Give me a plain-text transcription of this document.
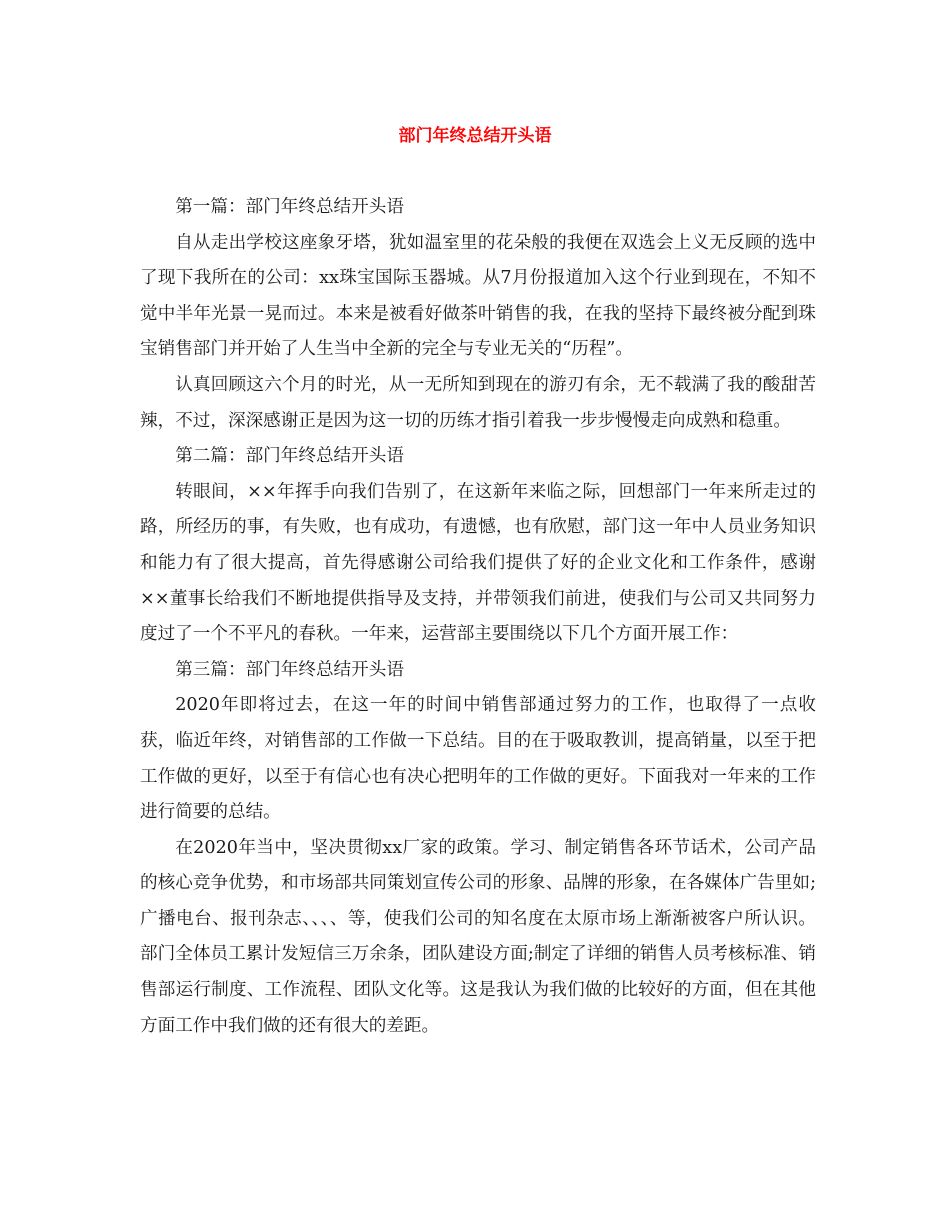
部门年终总结开头语

第一篇：部门年终总结开头语

自从走出学校这座象牙塔，犹如温室里的花朵般的我便在双选会上义无反顾的选中了现下我所在的公司：xx珠宝国际玉器城。从7月份报道加入这个行业到现在，不知不觉中半年光景一晃而过。本来是被看好做茶叶销售的我，在我的坚持下最终被分配到珠宝销售部门并开始了人生当中全新的完全与专业无关的“历程”。

认真回顾这六个月的时光，从一无所知到现在的游刃有余，无不载满了我的酸甜苦辣，不过，深深感谢正是因为这一切的历练才指引着我一步步慢慢走向成熟和稳重。

第二篇：部门年终总结开头语

转眼间，××年挥手向我们告别了，在这新年来临之际，回想部门一年来所走过的路，所经历的事，有失败，也有成功，有遗憾，也有欣慰，部门这一年中人员业务知识和能力有了很大提高，首先得感谢公司给我们提供了好的企业文化和工作条件，感谢××董事长给我们不断地提供指导及支持，并带领我们前进，使我们与公司又共同努力度过了一个不平凡的春秋。一年来，运营部主要围绕以下几个方面开展工作：

第三篇：部门年终总结开头语

2020年即将过去，在这一年的时间中销售部通过努力的工作，也取得了一点收获，临近年终，对销售部的工作做一下总结。目的在于吸取教训，提高销量，以至于把工作做的更好，以至于有信心也有决心把明年的工作做的更好。下面我对一年来的工作进行简要的总结。

在2020年当中，坚决贯彻xx厂家的政策。学习、制定销售各环节话术，公司产品的核心竞争优势，和市场部共同策划宣传公司的形象、品牌的形象，在各媒体广告里如;广播电台、报刊杂志、、、、等，使我们公司的知名度在太原市场上渐渐被客户所认识。部门全体员工累计发短信三万余条，团队建设方面;制定了详细的销售人员考核标准、销售部运行制度、工作流程、团队文化等。这是我认为我们做的比较好的方面，但在其他方面工作中我们做的还有很大的差距。
